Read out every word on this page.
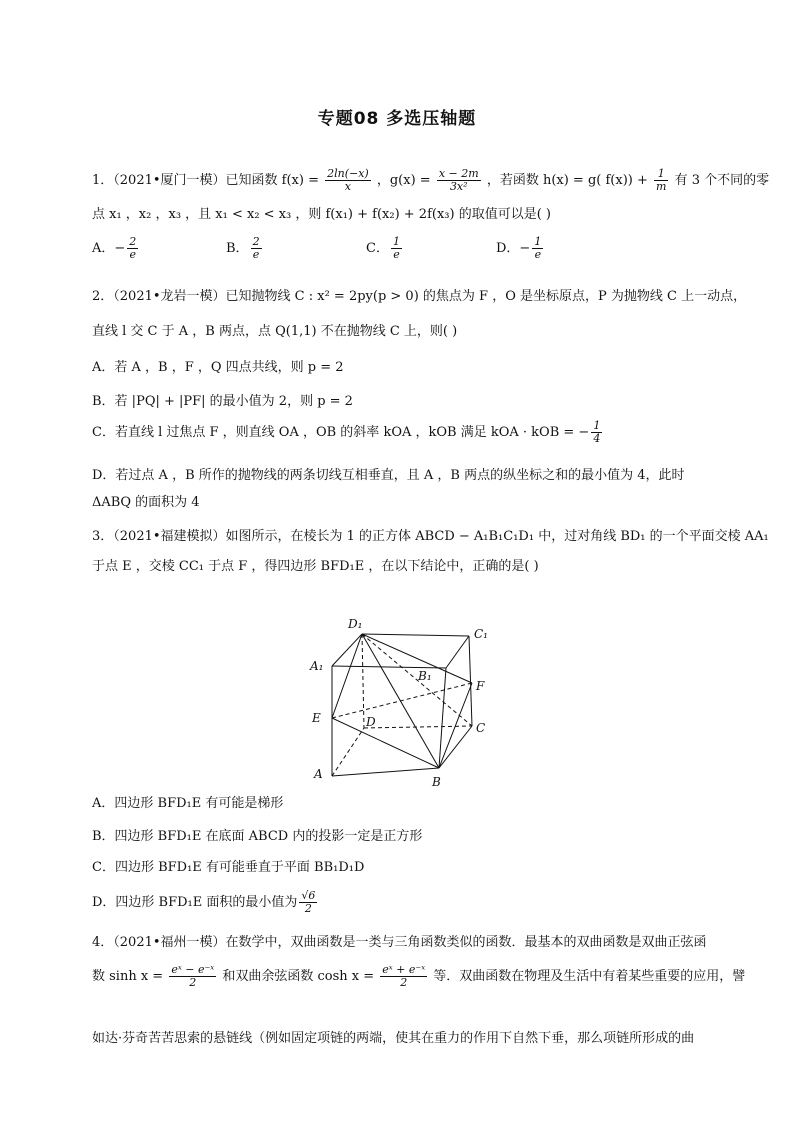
专题08 多选压轴题
1．（2021•厦门一模）已知函数 $f(x) = \frac{2\ln(-x)}{x}$ ，$g(x) = \frac{x - 2m}{\text{3x²}}$ ，若函数 h(x) = g( $f(x)) + \frac{1}{m}$ 有 3 个不同的零
点 x₁ ，x₂ ，x₃ ，且 x₁ < x₂ < x₃ ，则 f(x₁) + f(x₂) + 2f(x₃) 的取值可以是( )
A．− $\frac{2}{e}$	B． $\frac{2}{e}$	C． $\frac{1}{e}$	D．− $\frac{1}{e}$
2．（2021•龙岩一模）已知抛物线 C : x² = 2py(p > 0) 的焦点为 F ，O 是坐标原点，P 为抛物线 C 上一动点，
直线 l 交 C 于 A ，B 两点，点 Q(1,1) 不在抛物线 C 上，则( )
A．若 A ，B ，F ，Q 四点共线，则 p = 2
B．若 |PQ| + |PF| 的最小值为 2，则 p = 2
C．若直线 l 过焦点 F ，则直线 OA ，OB 的斜率 kOA ，kOB 满足 kOA · kOB = − $\frac{1}{4}$
D．若过点 A ，B 所作的抛物线的两条切线互相垂直，且 A ，B 两点的纵坐标之和的最小值为 4，此时
ΔABQ 的面积为 4
3．（2021•福建模拟）如图所示，在棱长为 1 的正方体 ABCD − A₁B₁C₁D₁ 中，过对角线 BD₁ 的一个平面交棱 AA₁
于点 E ，交棱 CC₁ 于点 F ，得四边形 BFD₁E ，在以下结论中，正确的是( )
D₁
C₁
A₁
B₁
F
E	D	C
A
B
A．四边形 BFD₁E 有可能是梯形
B．四边形 BFD₁E 在底面 ABCD 内的投影一定是正方形
C．四边形 BFD₁E 有可能垂直于平面 BB₁D₁D
D．四边形 BFD₁E 面积的最小值为 $\frac{√6}{2}$
4．（2021•福州一模）在数学中，双曲函数是一类与三角函数类似的函数．最基本的双曲函数是双曲正弦函
数 $\sinh x = \frac{\text{eˣ − e⁻ˣ}}{2}$ 和双曲余弦函数 $\cosh x = \frac{\text{eˣ + e⁻ˣ}}{2}$ 等．双曲函数在物理及生活中有着某些重要的应用，譬
如达·芬奇苦苦思索的悬链线（例如固定项链的两端，使其在重力的作用下自然下垂，那么项链所形成的曲
